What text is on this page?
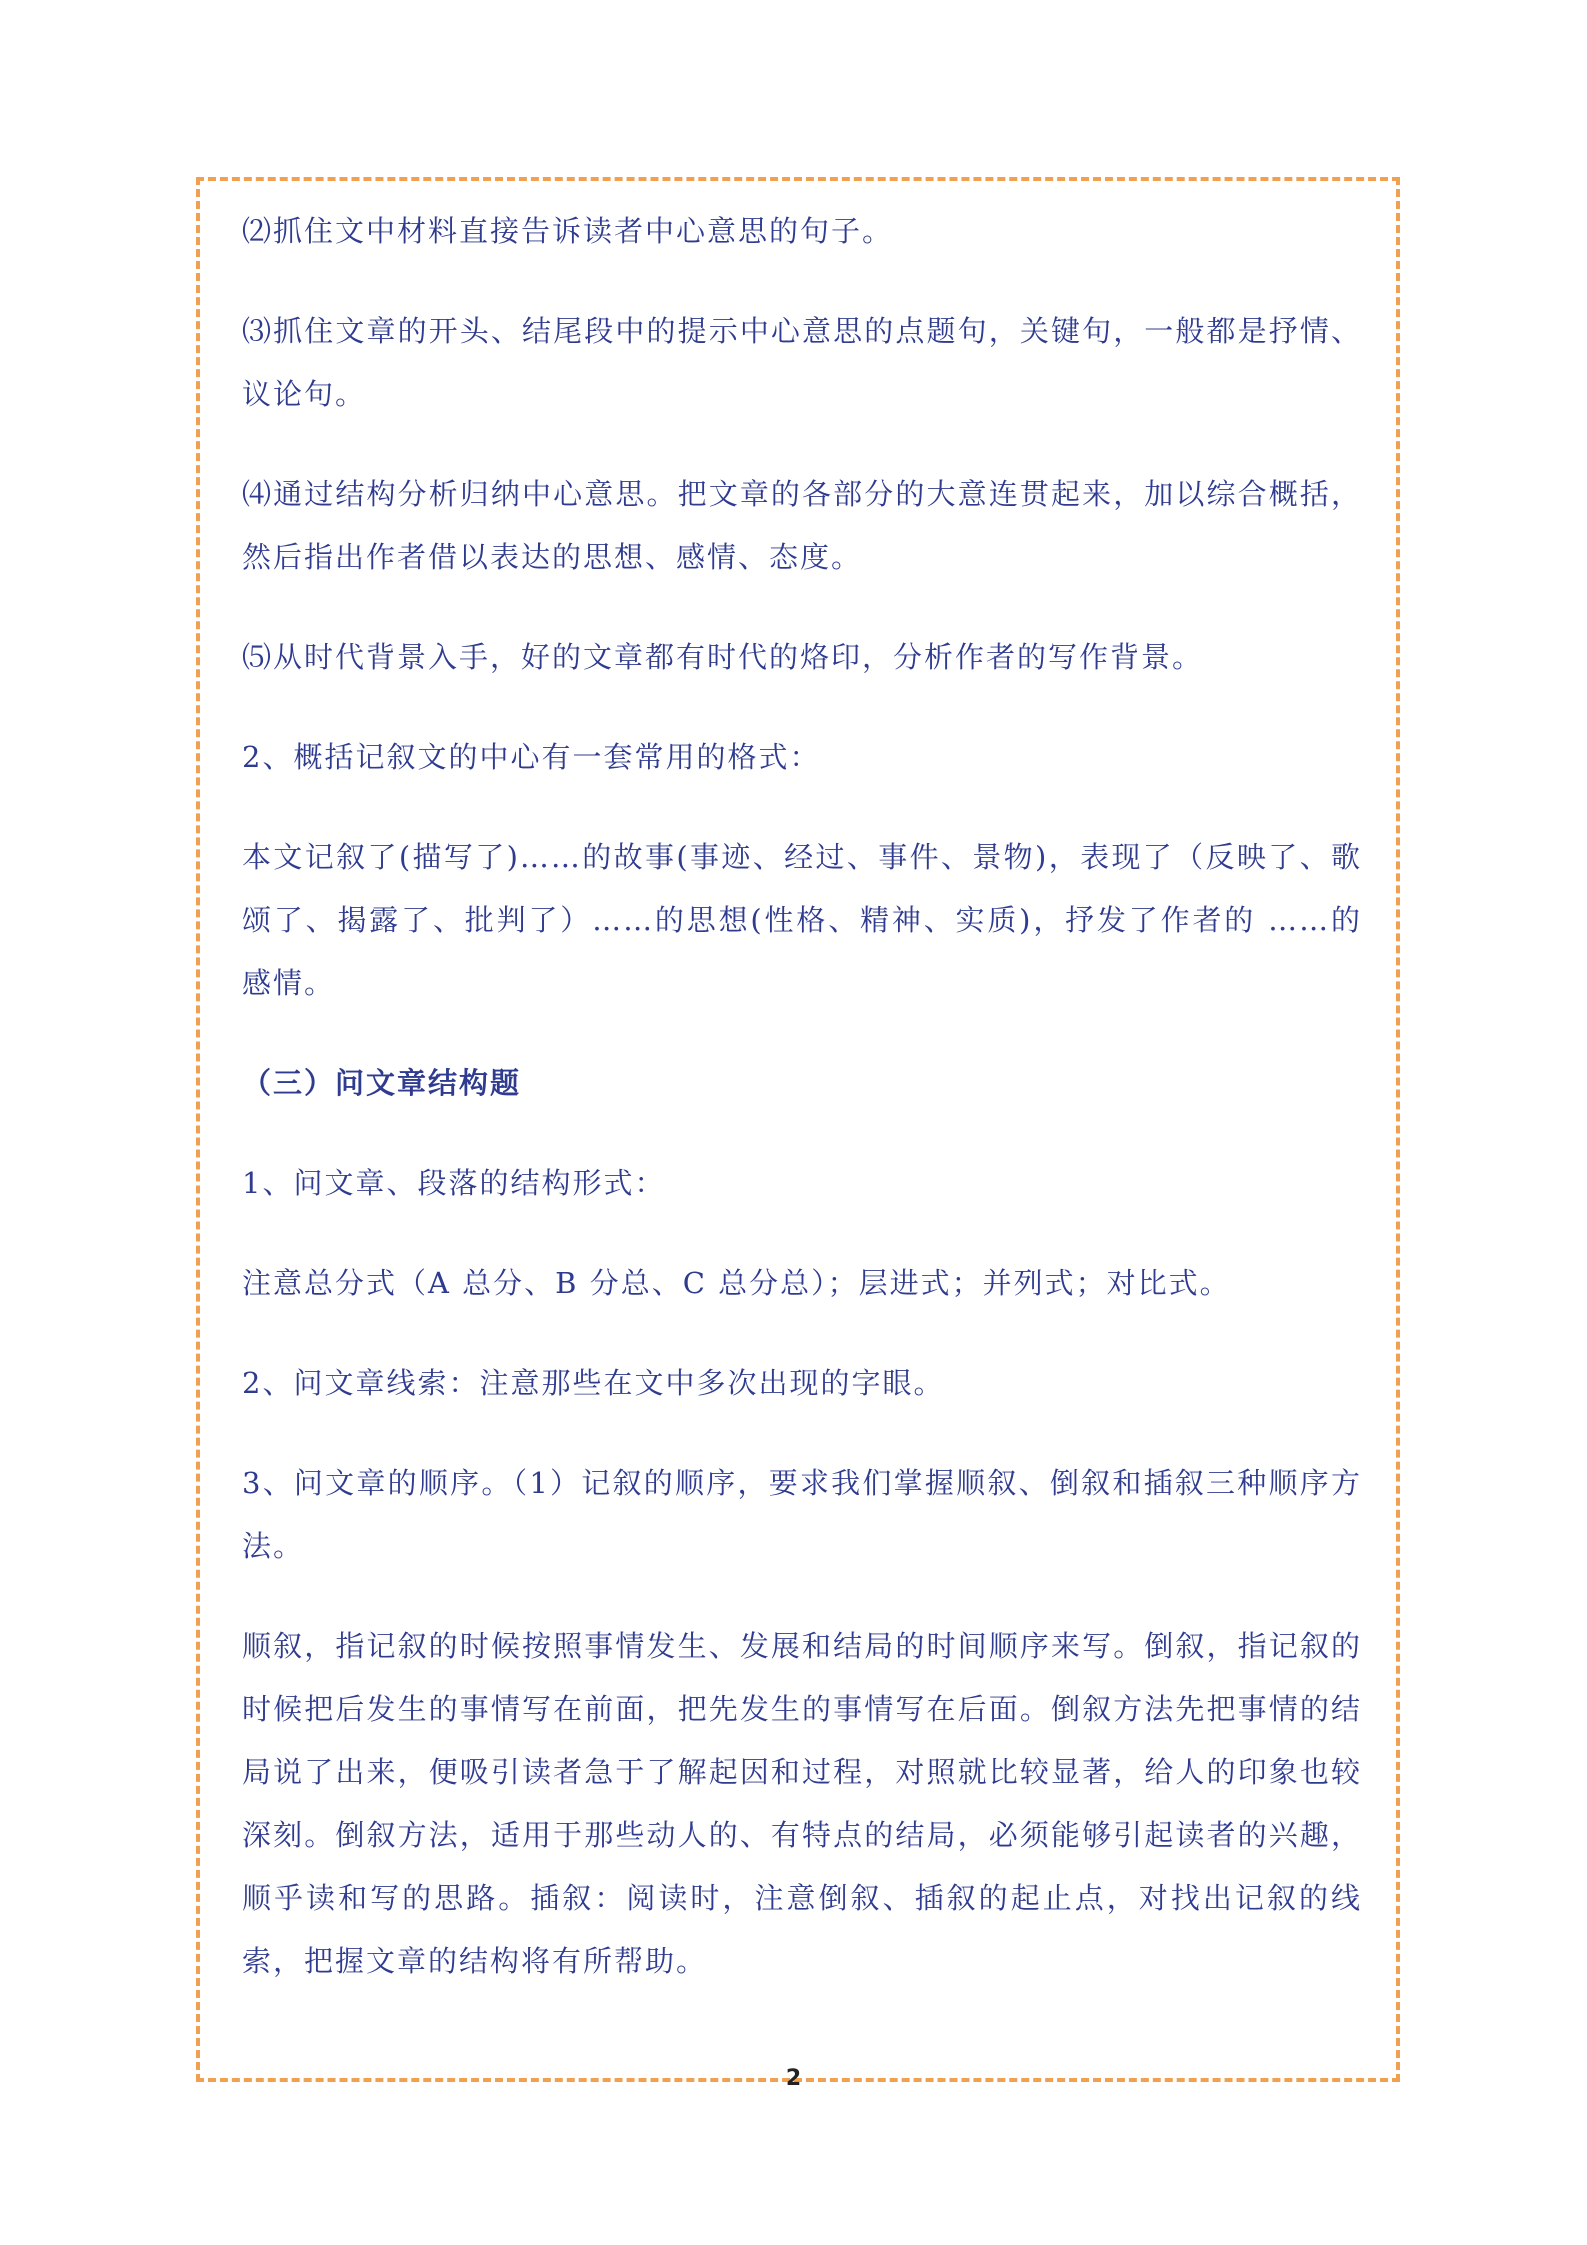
⑵抓住文中材料直接告诉读者中心意思的句子。

⑶抓住文章的开头、结尾段中的提示中心意思的点题句，关键句，一般都是抒情、议论句。

⑷通过结构分析归纳中心意思。把文章的各部分的大意连贯起来，加以综合概括，然后指出作者借以表达的思想、感情、态度。

⑸从时代背景入手，好的文章都有时代的烙印，分析作者的写作背景。

2、概括记叙文的中心有一套常用的格式：

本文记叙了(描写了)……的故事(事迹、经过、事件、景物)，表现了（反映了、歌颂了、揭露了、批判了）……的思想(性格、精神、实质)，抒发了作者的 ……的感情。

（三）问文章结构题

1、问文章、段落的结构形式：

注意总分式（A 总分、B 分总、C 总分总）；层进式；并列式；对比式。

2、问文章线索：注意那些在文中多次出现的字眼。

3、问文章的顺序。（1）记叙的顺序，要求我们掌握顺叙、倒叙和插叙三种顺序方法。

顺叙，指记叙的时候按照事情发生、发展和结局的时间顺序来写。倒叙，指记叙的时候把后发生的事情写在前面，把先发生的事情写在后面。倒叙方法先把事情的结局说了出来，便吸引读者急于了解起因和过程，对照就比较显著，给人的印象也较深刻。倒叙方法，适用于那些动人的、有特点的结局，必须能够引起读者的兴趣，顺乎读和写的思路。插叙：阅读时，注意倒叙、插叙的起止点，对找出记叙的线索，把握文章的结构将有所帮助。

2
